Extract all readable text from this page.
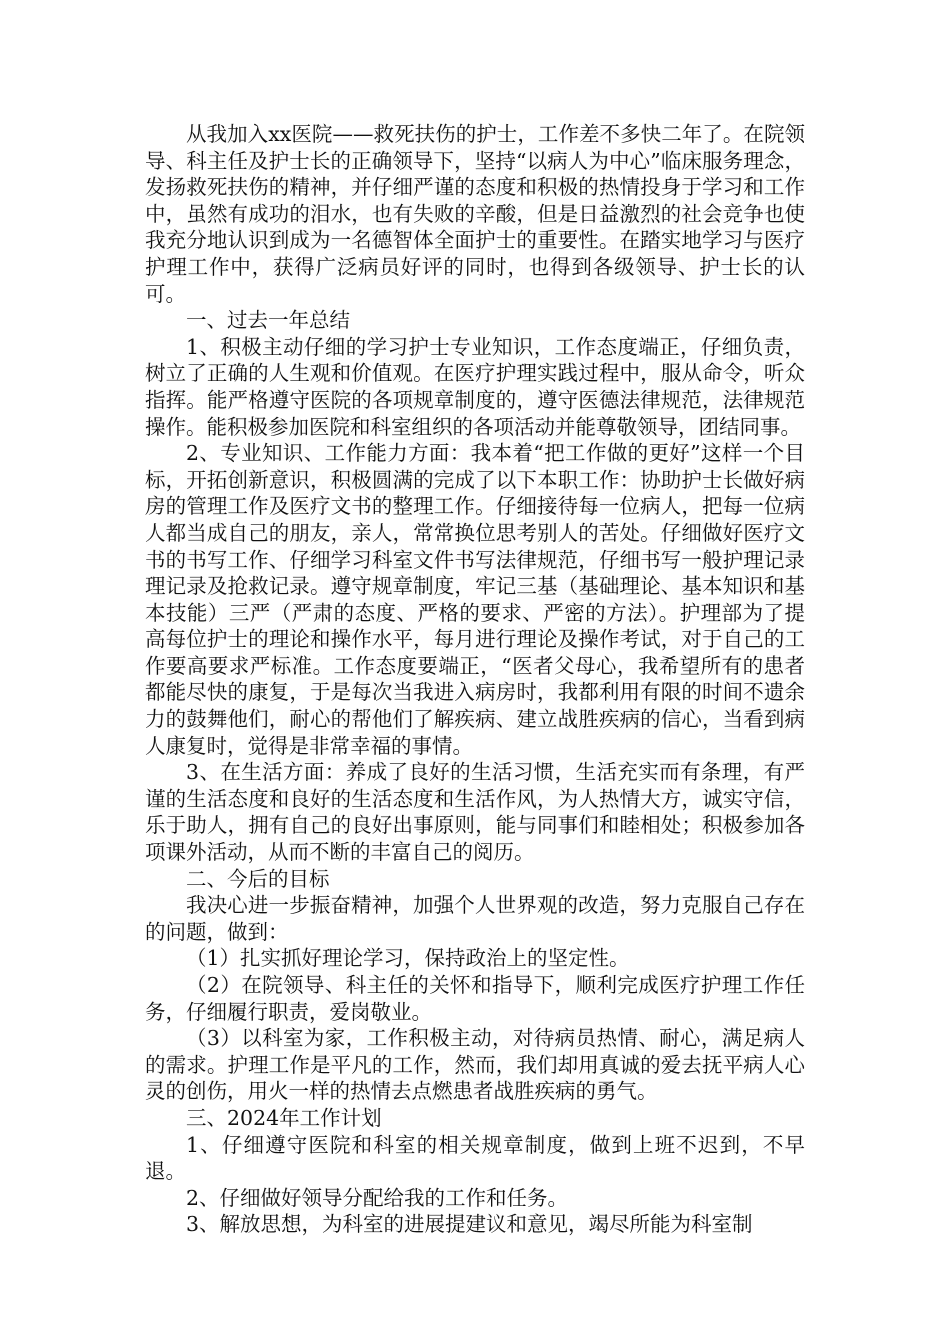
从我加入xx医院——救死扶伤的护士，工作差不多快二年了。在院领导、科主任及护士长的正确领导下，坚持“以病人为中心”临床服务理念，发扬救死扶伤的精神，并仔细严谨的态度和积极的热情投身于学习和工作中，虽然有成功的泪水，也有失败的辛酸，但是日益激烈的社会竞争也使我充分地认识到成为一名德智体全面护士的重要性。在踏实地学习与医疗护理工作中，获得广泛病员好评的同时，也得到各级领导、护士长的认可。

一、过去一年总结

1、积极主动仔细的学习护士专业知识，工作态度端正，仔细负责，树立了正确的人生观和价值观。在医疗护理实践过程中，服从命令，听众指挥。能严格遵守医院的各项规章制度的，遵守医德法律规范，法律规范操作。能积极参加医院和科室组织的各项活动并能尊敬领导，团结同事。

2、专业知识、工作能力方面：我本着“把工作做的更好”这样一个目标，开拓创新意识，积极圆满的完成了以下本职工作：协助护士长做好病房的管理工作及医疗文书的整理工作。仔细接待每一位病人，把每一位病人都当成自己的朋友，亲人，常常换位思考别人的苦处。仔细做好医疗文书的书写工作、仔细学习科室文件书写法律规范，仔细书写一般护理记录理记录及抢救记录。遵守规章制度，牢记三基（基础理论、基本知识和基本技能）三严（严肃的态度、严格的要求、严密的方法）。护理部为了提高每位护士的理论和操作水平，每月进行理论及操作考试，对于自己的工作要高要求严标准。工作态度要端正，“医者父母心，我希望所有的患者都能尽快的康复，于是每次当我进入病房时，我都利用有限的时间不遗余力的鼓舞他们，耐心的帮他们了解疾病、建立战胜疾病的信心，当看到病人康复时，觉得是非常幸福的事情。

3、在生活方面：养成了良好的生活习惯，生活充实而有条理，有严谨的生活态度和良好的生活态度和生活作风，为人热情大方，诚实守信，乐于助人，拥有自己的良好出事原则，能与同事们和睦相处；积极参加各项课外活动，从而不断的丰富自己的阅历。

二、今后的目标

我决心进一步振奋精神，加强个人世界观的改造，努力克服自己存在的问题，做到：

（1）扎实抓好理论学习，保持政治上的坚定性。

（2）在院领导、科主任的关怀和指导下，顺利完成医疗护理工作任务，仔细履行职责，爱岗敬业。

（3）以科室为家，工作积极主动，对待病员热情、耐心，满足病人的需求。护理工作是平凡的工作，然而，我们却用真诚的爱去抚平病人心灵的创伤，用火一样的热情去点燃患者战胜疾病的勇气。

三、2024年工作计划

1、仔细遵守医院和科室的相关规章制度，做到上班不迟到，不早退。

2、仔细做好领导分配给我的工作和任务。

3、解放思想，为科室的进展提建议和意见，竭尽所能为科室制
